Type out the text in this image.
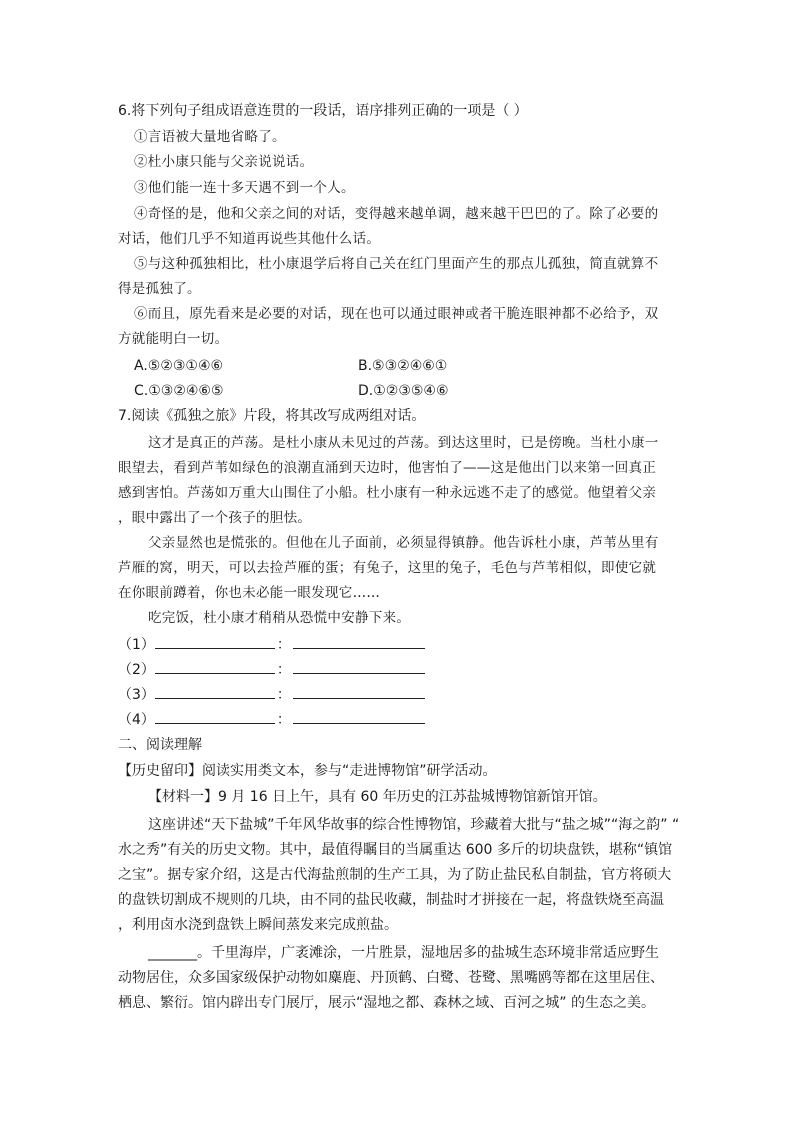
6.将下列句子组成语意连贯的一段话，语序排列正确的一项是（ ）
①言语被大量地省略了。
②杜小康只能与父亲说说话。
③他们能一连十多天遇不到一个人。
④奇怪的是，他和父亲之间的对话，变得越来越单调，越来越干巴巴的了。除了必要的
对话，他们几乎不知道再说些其他什么话。
⑤与这种孤独相比，杜小康退学后将自己关在红门里面产生的那点儿孤独，简直就算不
得是孤独了。
⑥而且，原先看来是必要的对话，现在也可以通过眼神或者干脆连眼神都不必给予，双
方就能明白一切。
A.⑤②③①④⑥	B.⑤③②④⑥①
C.①③②④⑥⑤	D.①②③⑤④⑥
7.阅读《孤独之旅》片段，将其改写成两组对话。
这才是真正的芦荡。是杜小康从未见过的芦荡。到达这里时，已是傍晚。当杜小康一
眼望去，看到芦苇如绿色的浪潮直涌到天边时，他害怕了——这是他出门以来第一回真正
感到害怕。芦荡如万重大山围住了小船。杜小康有一种永远逃不走了的感觉。他望着父亲
，眼中露出了一个孩子的胆怯。
父亲显然也是慌张的。但他在儿子面前，必须显得镇静。他告诉杜小康，芦苇丛里有
芦雁的窝，明天，可以去捡芦雁的蛋；有兔子，这里的兔子，毛色与芦苇相似，即使它就
在你眼前蹲着，你也未必能一眼发现它……
吃完饭，杜小康才稍稍从恐慌中安静下来。
（1）	：
（2）	：
（3）	：
（4）	：
二、阅读理解
【历史留印】阅读实用类文本，参与“走进博物馆”研学活动。
【材料一】9 月 16 日上午，具有 60 年历史的江苏盐城博物馆新馆开馆。
这座讲述“天下盐城”千年风华故事的综合性博物馆，珍藏着大批与“盐之城”“海之韵” “
水之秀”有关的历史文物。其中，最值得瞩目的当属重达 600 多斤的切块盘铁，堪称“镇馆
之宝”。据专家介绍，这是古代海盐煎制的生产工具，为了防止盐民私自制盐，官方将硕大
的盘铁切割成不规则的几块，由不同的盐民收藏，制盐时才拼接在一起，将盘铁烧至高温
，利用卤水浇到盘铁上瞬间蒸发来完成煎盐。
_______。千里海岸，广袤滩涂，一片胜景，湿地居多的盐城生态环境非常适应野生
动物居住，众多国家级保护动物如麋鹿、丹顶鹤、白鹭、苍鹭、黑嘴鸥等都在这里居住、
栖息、繁衍。馆内辟出专门展厅，展示“湿地之都、森林之域、百河之城” 的生态之美。
